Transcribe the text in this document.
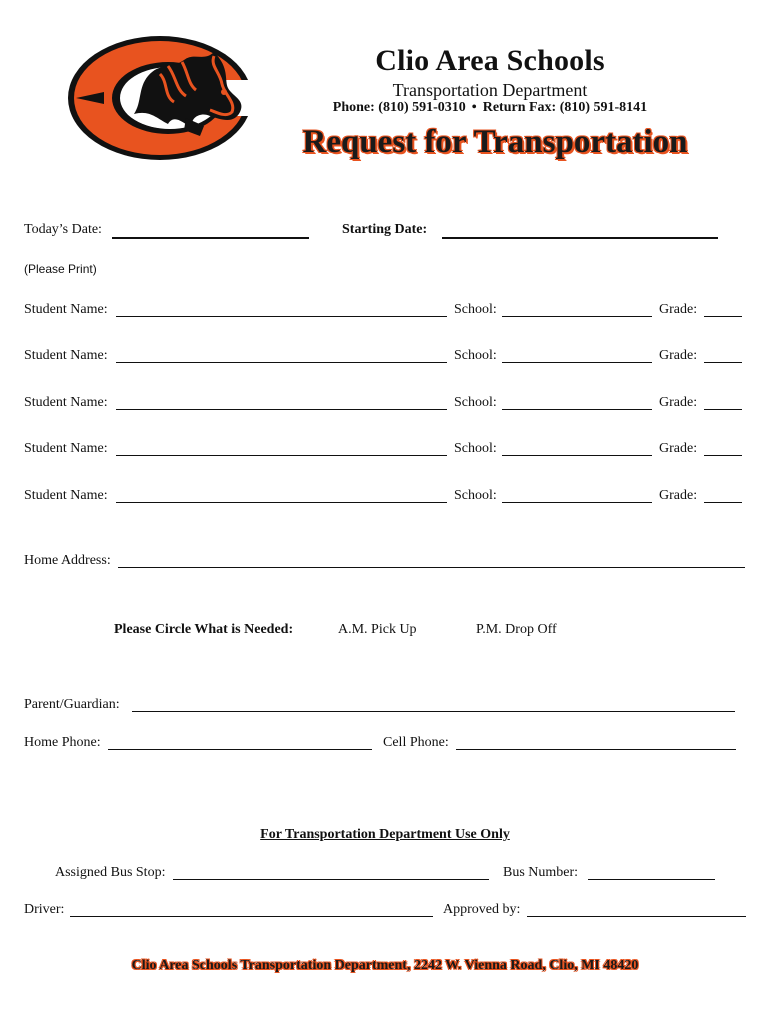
Clio Area Schools
Transportation Department
Phone: (810) 591-0310 • Return Fax: (810) 591-8141
Request for Transportation
Today’s Date:	Starting Date:
(Please Print)
Student Name:	School:	Grade:
Student Name:	School:	Grade:
Student Name:	School:	Grade:
Student Name:	School:	Grade:
Student Name:	School:	Grade:
Home Address:
Please Circle What is Needed:	A.M. Pick Up	P.M. Drop Off
Parent/Guardian:
Home Phone:	Cell Phone:
For Transportation Department Use Only
Assigned Bus Stop:	Bus Number:
Driver:	Approved by:
Clio Area Schools Transportation Department, 2242 W. Vienna Road, Clio, MI 48420
